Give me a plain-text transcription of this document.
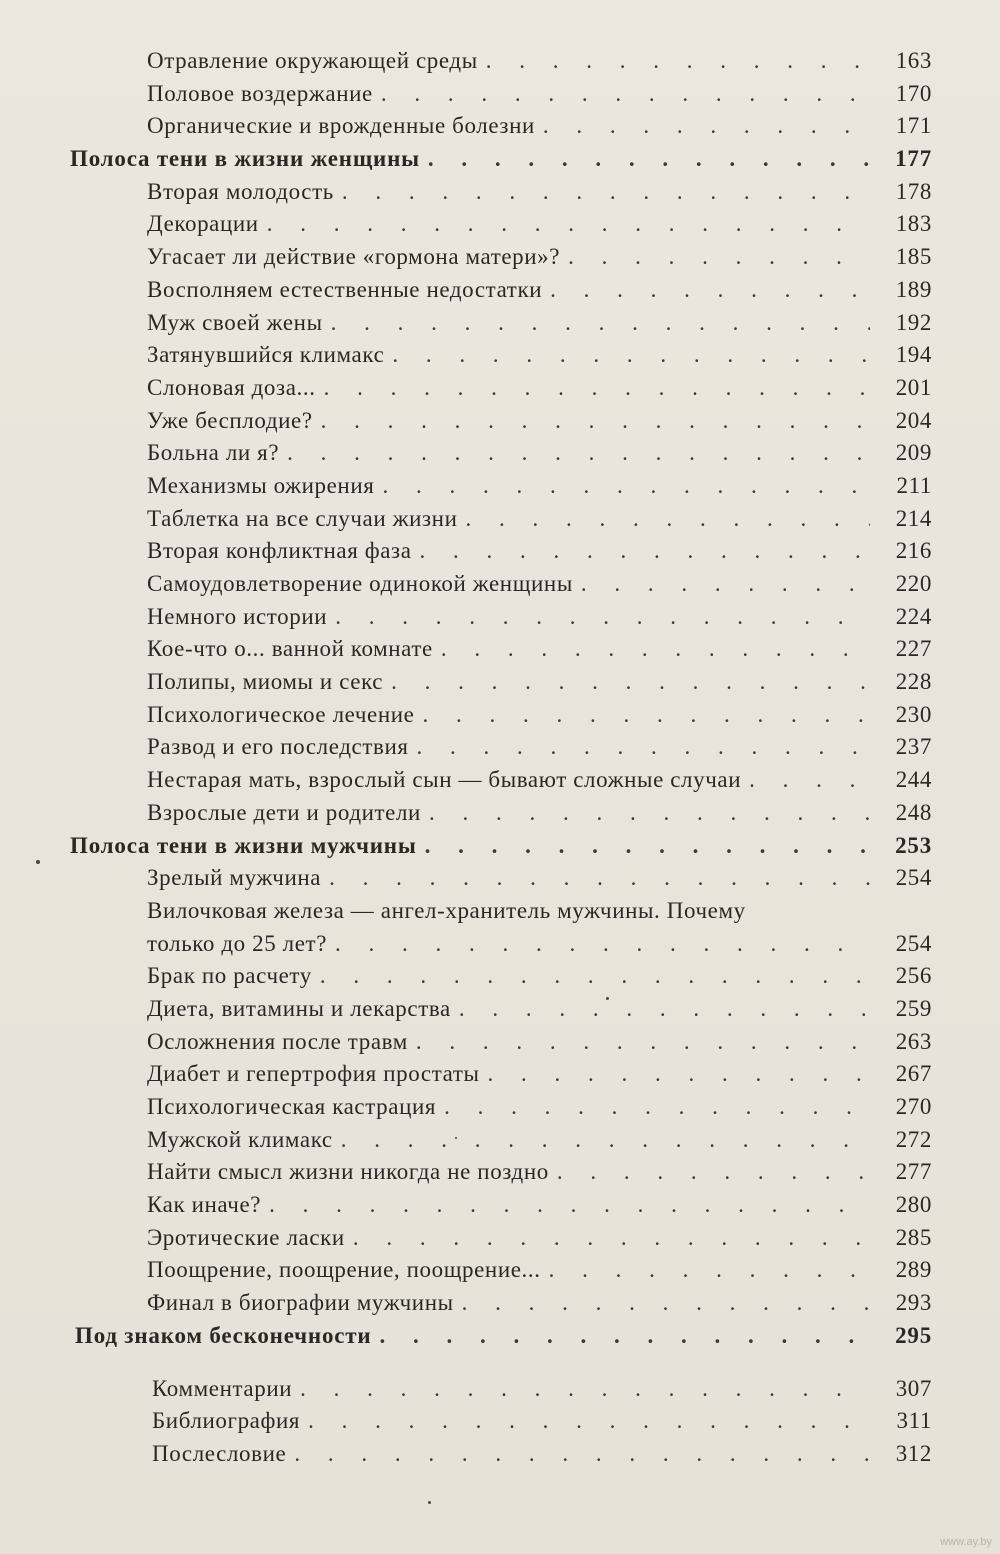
Отравление окружающей среды . . .	163
Половое воздержание . . .	170
Органические и врожденные болезни . . .	171
Полоса тени в жизни женщины . . .	177
Вторая молодость . . .	178
Декорации . . .	183
Угасает ли действие «гормона матери»? . . .	185
Восполняем естественные недостатки . . .	189
Муж своей жены . . .	192
Затянувшийся климакс . . .	194
Слоновая доза... . . .	201
Уже бесплодие? . . .	204
Больна ли я? . . .	209
Механизмы ожирения . . .	211
Таблетка на все случаи жизни . . .	214
Вторая конфликтная фаза . . .	216
Самоудовлетворение одинокой женщины . . .	220
Немного истории . . .	224
Кое-что о... ванной комнате . . .	227
Полипы, миомы и секс . . .	228
Психологическое лечение . . .	230
Развод и его последствия . . .	237
Нестарая мать, взрослый сын — бывают сложные случаи . . .	244
Взрослые дети и родители . . .	248
Полоса тени в жизни мужчины . . .	253
Зрелый мужчина . . .	254
Вилочковая железа — ангел-хранитель мужчины. Почему
только до 25 лет? . . .	254
Брак по расчету . . .	256
Диета, витамины и лекарства . . .	259
Осложнения после травм . . .	263
Диабет и гепертрофия простаты . . .	267
Психологическая кастрация . . .	270
Мужской климакс . . .	272
Найти смысл жизни никогда не поздно . . .	277
Как иначе? . . .	280
Эротические ласки . . .	285
Поощрение, поощрение, поощрение... . . .	289
Финал в биографии мужчины . . .	293
Под знаком бесконечности . . .	295
Комментарии . . .	307
Библиография . . .	311
Послесловие . . .	312
www.ay.by
